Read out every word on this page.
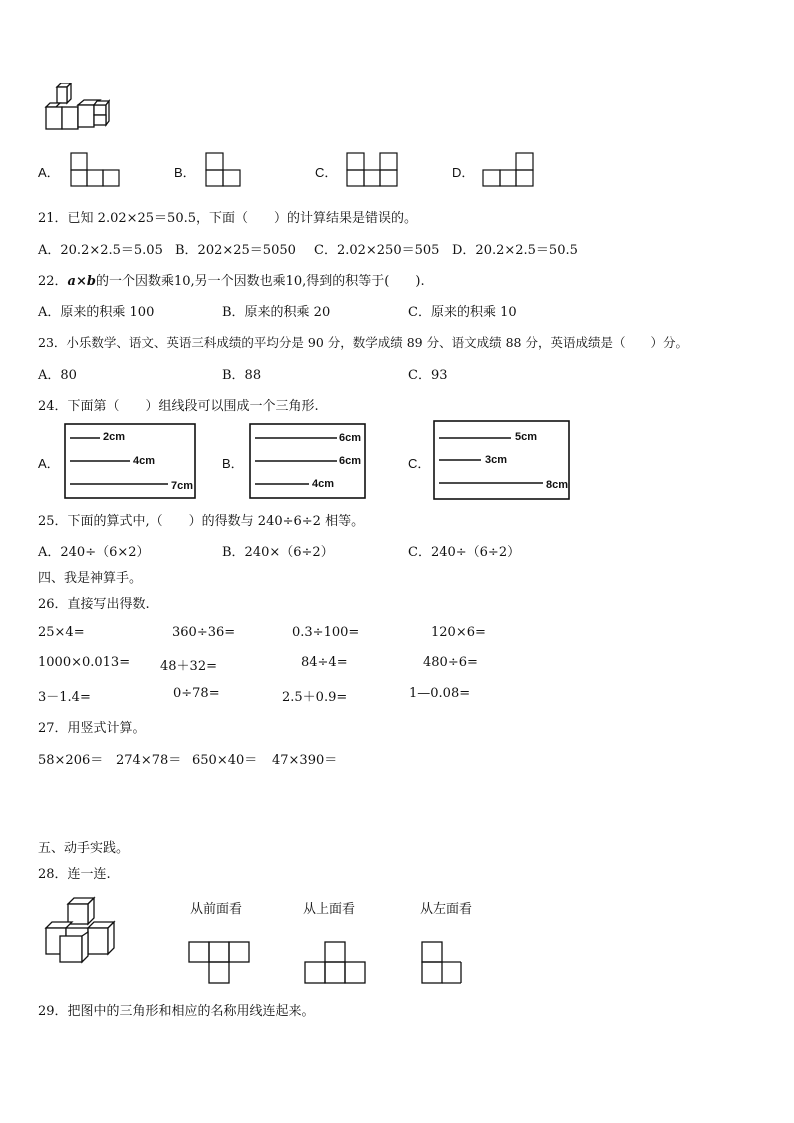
A．	B．	C．	D．
21．已知 2.02×25＝50.5，下面（　　）的计算结果是错误的。
A．20.2×2.5＝5.05 B．202×25＝5050 C．2.02×250＝505 D．20.2×2.5＝50.5
22．a×b的一个因数乘10,另一个因数也乘10,得到的积等于(　　).
A．原来的积乘 100	B．原来的积乘 20	C．原来的积乘 10
23．小乐数学、语文、英语三科成绩的平均分是 90 分，数学成绩 89 分、语文成绩 88 分，英语成绩是（　　）分。
A．80	B．88	C．93
24．下面第（　　）组线段可以围成一个三角形.
A．
2cm
4cm
7cm
B．
6cm
6cm
4cm
C．
5cm
3cm
8cm
25．下面的算式中,（　　）的得数与 240÷6÷2 相等。
A．240÷（6×2）	B．240×（6÷2）	C．240÷（6÷2）
四、我是神算手。
26．直接写出得数.
25×4=	360÷36=	0.3÷100=	120×6=
1000×0.013= 48＋32=	84÷4=	480÷6=
3－1.4=	0÷78=	2.5＋0.9=	1—0.08=
27．用竖式计算。
58×206＝ 274×78＝ 650×40＝ 47×390＝
五、动手实践。
28．连一连.
从前面看	从上面看	从左面看
29．把图中的三角形和相应的名称用线连起来。
